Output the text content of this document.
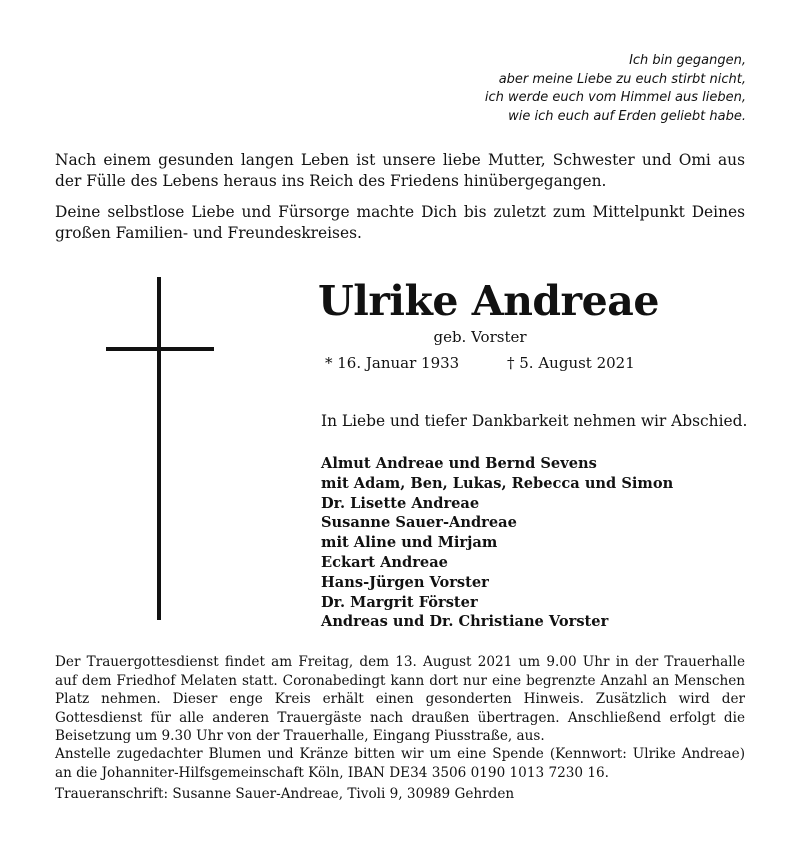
Ich bin gegangen,
aber meine Liebe zu euch stirbt nicht,
ich werde euch vom Himmel aus lieben,
wie ich euch auf Erden geliebt habe.

Nach einem gesunden langen Leben ist unsere liebe Mutter, Schwester und Omi aus der Fülle des Lebens heraus ins Reich des Friedens hinübergegangen.

Deine selbstlose Liebe und Fürsorge machte Dich bis zuletzt zum Mittelpunkt Deines großen Familien- und Freundeskreises.

Ulrike Andreae
geb. Vorster
* 16. Januar 1933	† 5. August 2021
In Liebe und tiefer Dankbarkeit nehmen wir Abschied.
Almut Andreae und Bernd Sevens
mit Adam, Ben, Lukas, Rebecca und Simon
Dr. Lisette Andreae
Susanne Sauer-Andreae
mit Aline und Mirjam
Eckart Andreae
Hans-Jürgen Vorster
Dr. Margrit Förster
Andreas und Dr. Christiane Vorster

Der Trauergottesdienst findet am Freitag, dem 13. August 2021 um 9.00 Uhr in der Trauerhalle auf dem Friedhof Melaten statt. Coronabedingt kann dort nur eine begrenzte Anzahl an Menschen Platz nehmen. Dieser enge Kreis erhält einen gesonderten Hinweis. Zusätzlich wird der Gottesdienst für alle anderen Trauergäste nach draußen übertragen. Anschließend erfolgt die Beisetzung um 9.30 Uhr von der Trauerhalle, Eingang Piusstraße, aus.

Anstelle zugedachter Blumen und Kränze bitten wir um eine Spende (Kennwort: Ulrike Andreae) an die Johanniter-Hilfsgemeinschaft Köln, IBAN DE34 3506 0190 1013 7230 16.

Traueranschrift: Susanne Sauer-Andreae, Tivoli 9, 30989 Gehrden
